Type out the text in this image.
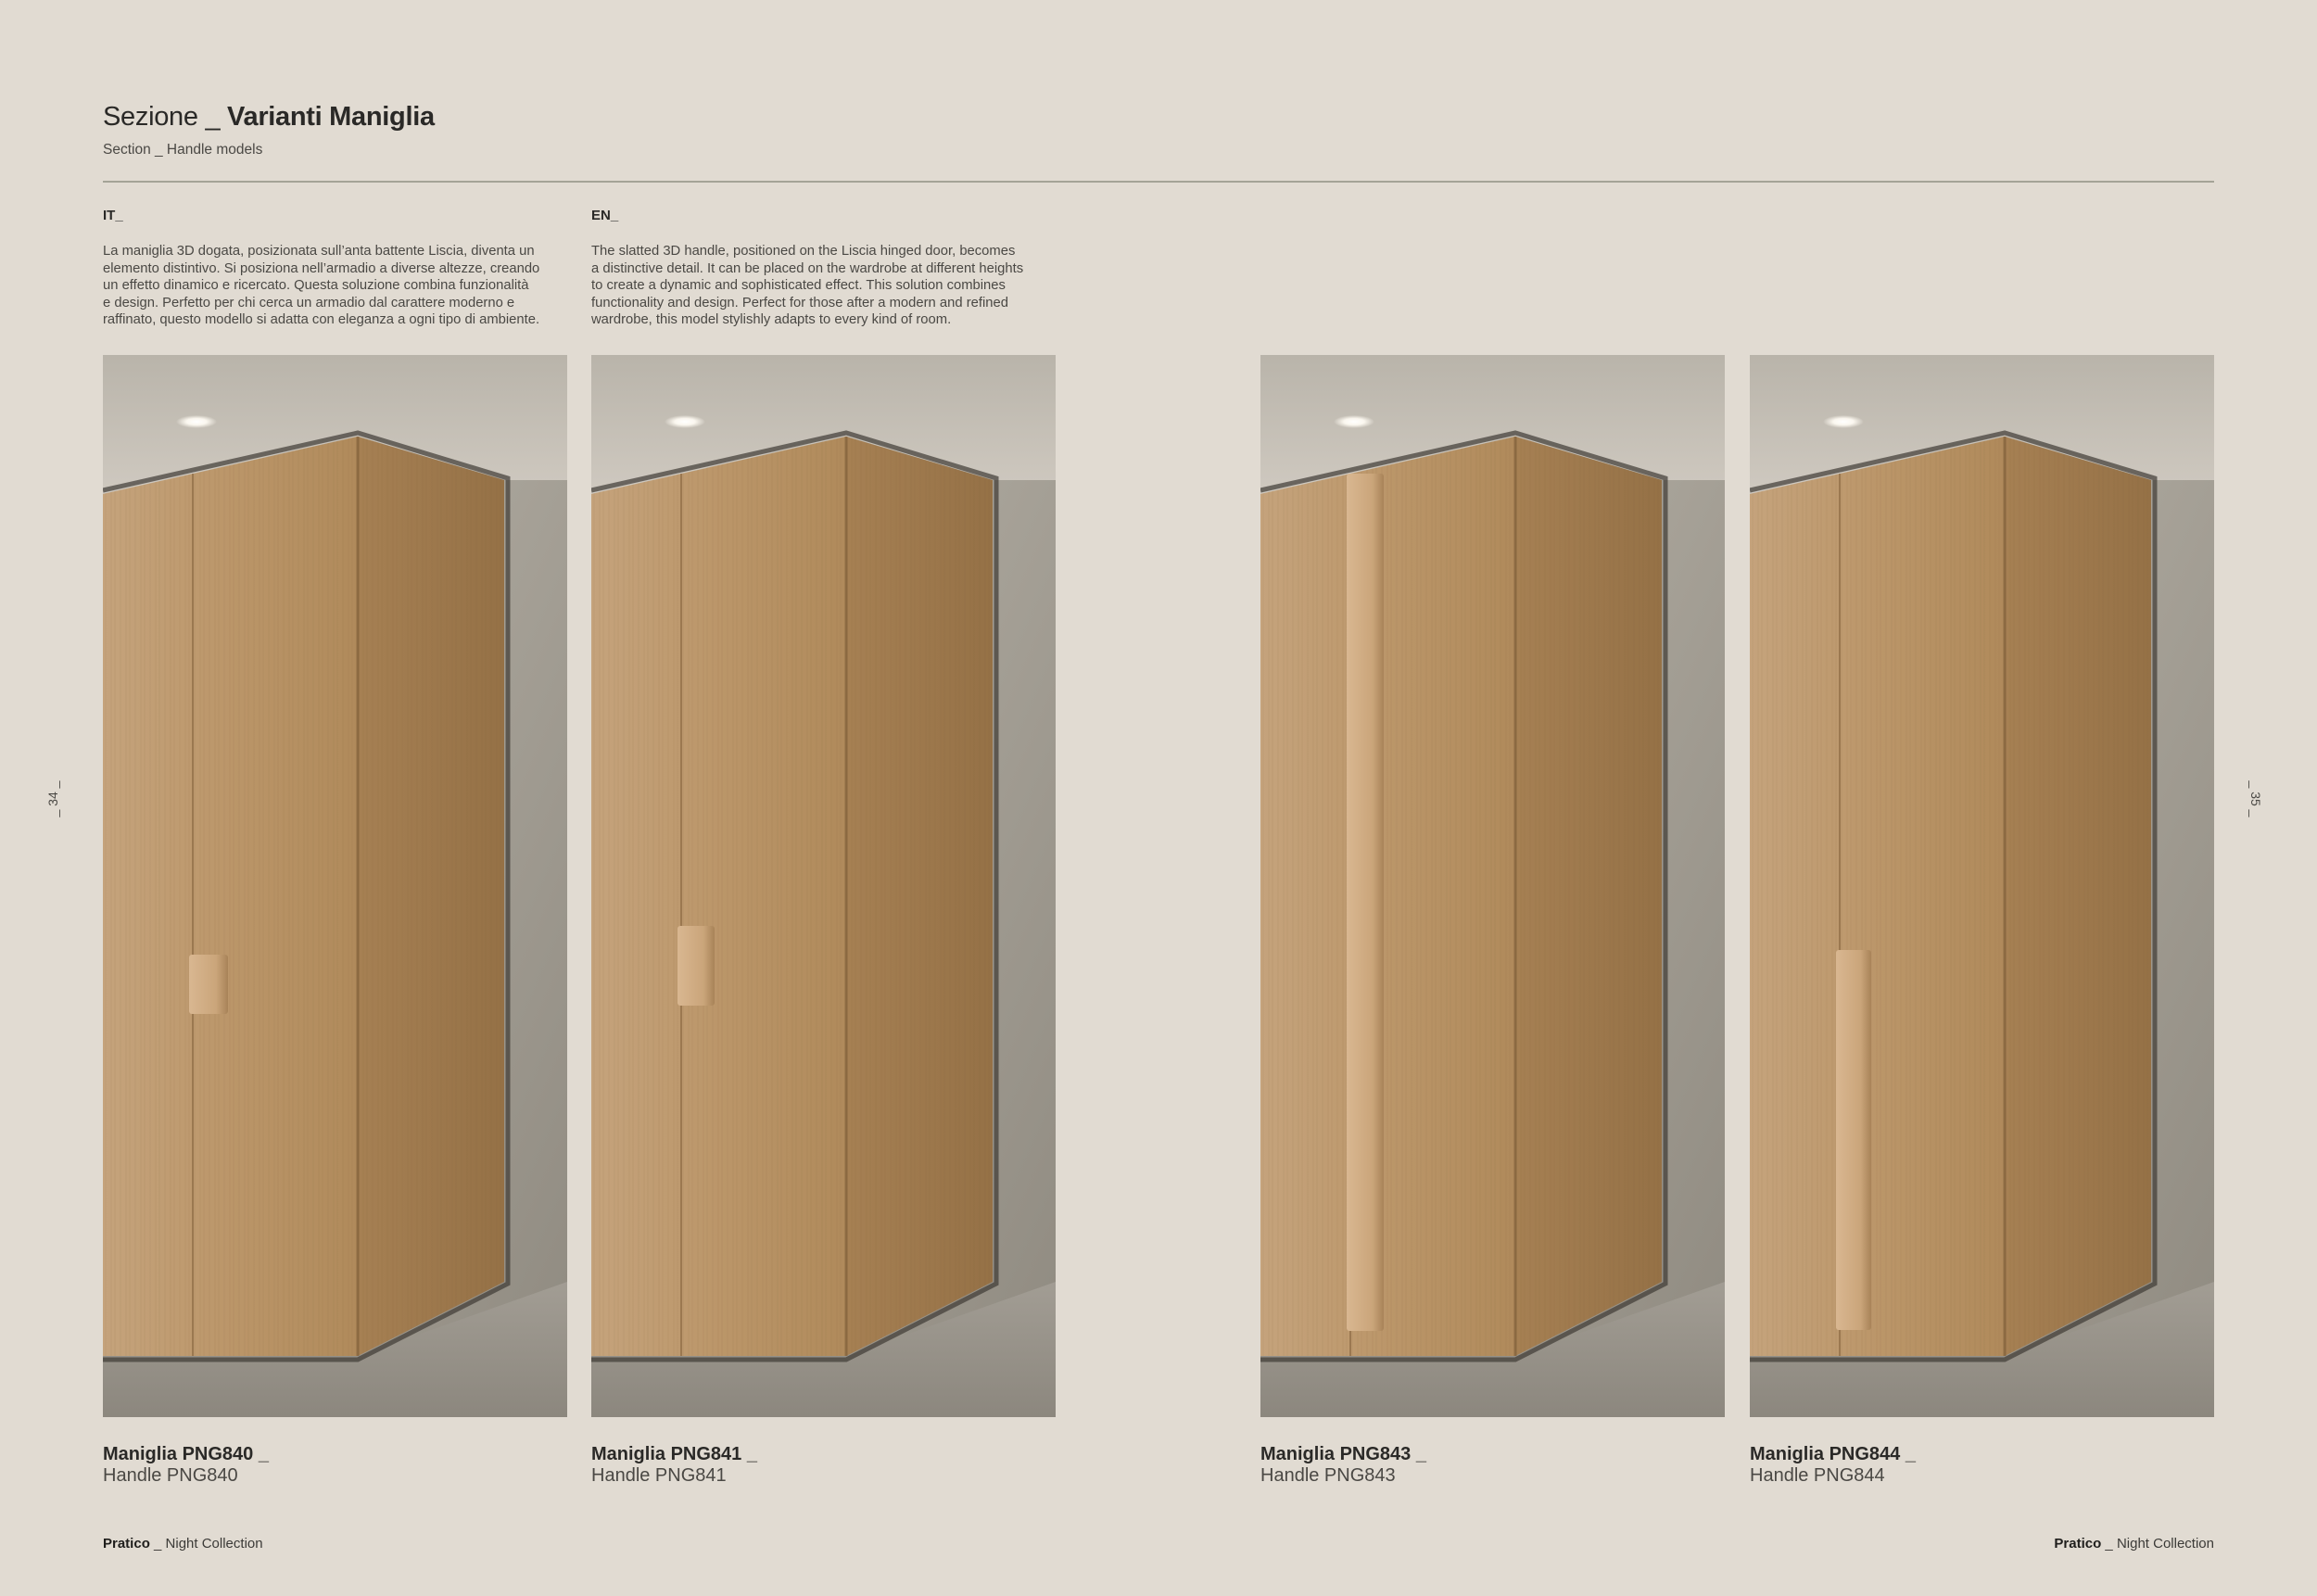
Sezione _ Varianti Maniglia
Section _ Handle models
IT_
La maniglia 3D dogata, posizionata sull’anta battente Liscia, diventa un
elemento distintivo. Si posiziona nell’armadio a diverse altezze, creando
un effetto dinamico e ricercato. Questa soluzione combina funzionalità
e design. Perfetto per chi cerca un armadio dal carattere moderno e
raffinato, questo modello si adatta con eleganza a ogni tipo di ambiente.
EN_
The slatted 3D handle, positioned on the Liscia hinged door, becomes
a distinctive detail. It can be placed on the wardrobe at different heights
to create a dynamic and sophisticated effect. This solution combines
functionality and design. Perfect for those after a modern and refined
wardrobe, this model stylishly adapts to every kind of room.
Maniglia PNG840 _
Handle PNG840
Maniglia PNG841 _
Handle PNG841
Maniglia PNG843 _
Handle PNG843
Maniglia PNG844 _
Handle PNG844
Pratico _ Night Collection	Pratico _ Night Collection
_ 34 _	_ 35 _
